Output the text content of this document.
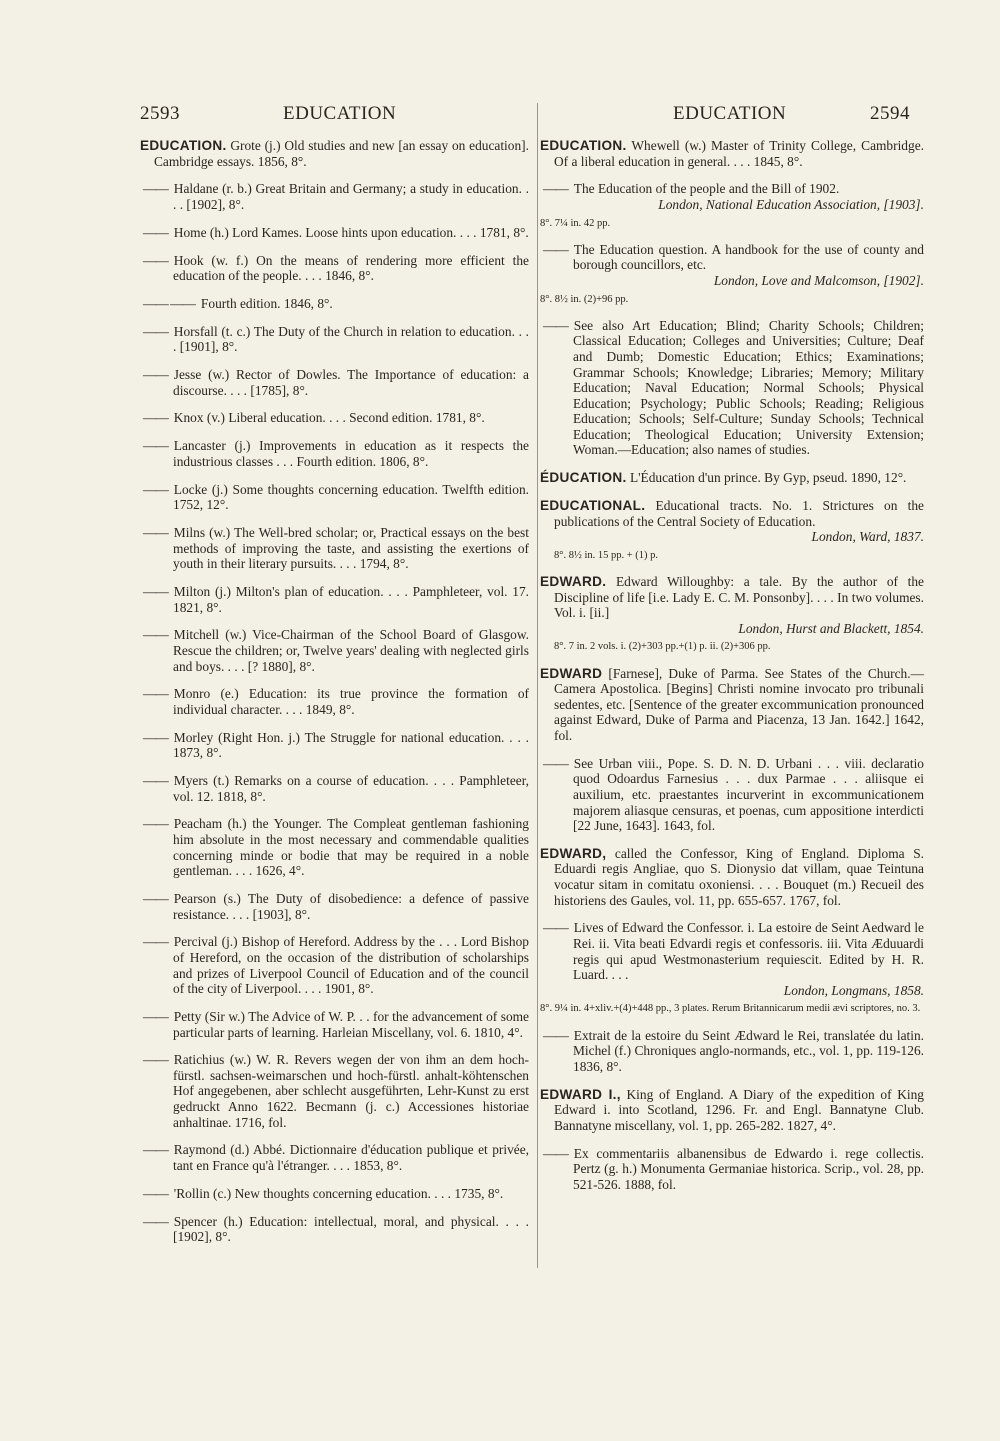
2593	EDUCATION	EDUCATION	2594
EDUCATION. Grote (j.) Old studies and new [an essay on education]. Cambridge essays. 1856, 8°.
—— Haldane (r. b.) Great Britain and Germany; a study in education. . . . [1902], 8°.
—— Home (h.) Lord Kames. Loose hints upon education. . . . 1781, 8°.
—— Hook (w. f.) On the means of rendering more efficient the education of the people. . . . 1846, 8°.
—— —— Fourth edition. 1846, 8°.
—— Horsfall (t. c.) The Duty of the Church in relation to education. . . . [1901], 8°.
—— Jesse (w.) Rector of Dowles. The Importance of education: a discourse. . . . [1785], 8°.
—— Knox (v.) Liberal education. . . . Second edition. 1781, 8°.
—— Lancaster (j.) Improvements in education as it respects the industrious classes . . . Fourth edition. 1806, 8°.
—— Locke (j.) Some thoughts concerning education. Twelfth edition. 1752, 12°.
—— Milns (w.) The Well-bred scholar; or, Practical essays on the best methods of improving the taste, and assisting the exertions of youth in their literary pursuits. . . . 1794, 8°.
—— Milton (j.) Milton's plan of education. . . . Pamphleteer, vol. 17. 1821, 8°.
—— Mitchell (w.) Vice-Chairman of the School Board of Glasgow. Rescue the children; or, Twelve years' dealing with neglected girls and boys. . . . [? 1880], 8°.
—— Monro (e.) Education: its true province the formation of individual character. . . . 1849, 8°.
—— Morley (Right Hon. j.) The Struggle for national education. . . . 1873, 8°.
—— Myers (t.) Remarks on a course of education. . . . Pamphleteer, vol. 12. 1818, 8°.
—— Peacham (h.) the Younger. The Compleat gentleman fashioning him absolute in the most necessary and commendable qualities concerning minde or bodie that may be required in a noble gentleman. . . . 1626, 4°.
—— Pearson (s.) The Duty of disobedience: a defence of passive resistance. . . . [1903], 8°.
—— Percival (j.) Bishop of Hereford. Address by the . . . Lord Bishop of Hereford, on the occasion of the distribution of scholarships and prizes of Liverpool Council of Education and of the council of the city of Liverpool. . . . 1901, 8°.
—— Petty (Sir w.) The Advice of W. P. . . for the advancement of some particular parts of learning. Harleian Miscellany, vol. 6. 1810, 4°.
—— Ratichius (w.) W. R. Revers wegen der von ihm an dem hoch-fürstl. sachsen-weimarschen und hoch-fürstl. anhalt-köhtenschen Hof angegebenen, aber schlecht ausgeführten, Lehr-Kunst zu erst gedruckt Anno 1622. Becmann (j. c.) Accessiones historiae anhaltinae. 1716, fol.
—— Raymond (d.) Abbé. Dictionnaire d'éducation publique et privée, tant en France qu'à l'étranger. . . . 1853, 8°.
—— 'Rollin (c.) New thoughts concerning education. . . . 1735, 8°.
—— Spencer (h.) Education: intellectual, moral, and physical. . . . [1902], 8°.
EDUCATION. Whewell (w.) Master of Trinity College, Cambridge. Of a liberal education in general. . . . 1845, 8°.
—— The Education of the people and the Bill of 1902.
London, National Education Association, [1903].
8°. 7¼ in. 42 pp.
—— The Education question. A handbook for the use of county and borough councillors, etc.
London, Love and Malcomson, [1902].
8°. 8½ in. (2)+96 pp.
—— See also Art Education; Blind; Charity Schools; Children; Classical Education; Colleges and Universities; Culture; Deaf and Dumb; Domestic Education; Ethics; Examinations; Grammar Schools; Knowledge; Libraries; Memory; Military Education; Naval Education; Normal Schools; Physical Education; Psychology; Public Schools; Reading; Religious Education; Schools; Self-Culture; Sunday Schools; Technical Education; Theological Education; University Extension; Woman.—Education; also names of studies.
ÉDUCATION. L'Éducation d'un prince. By Gyp, pseud. 1890, 12°.
EDUCATIONAL. Educational tracts. No. 1. Strictures on the publications of the Central Society of Education.
London, Ward, 1837.
8°. 8½ in. 15 pp. + (1) p.
EDWARD. Edward Willoughby: a tale. By the author of the Discipline of life [i.e. Lady E. C. M. Ponsonby]. . . . In two volumes. Vol. i. [ii.]
London, Hurst and Blackett, 1854.
8°. 7 in. 2 vols. i. (2)+303 pp.+(1) p. ii. (2)+306 pp.
EDWARD [Farnese], Duke of Parma. See States of the Church.—Camera Apostolica. [Begins] Christi nomine invocato pro tribunali sedentes, etc. [Sentence of the greater excommunication pronounced against Edward, Duke of Parma and Piacenza, 13 Jan. 1642.] 1642, fol.
—— See Urban viii., Pope. S. D. N. D. Urbani . . . viii. declaratio quod Odoardus Farnesius . . . dux Parmae . . . aliisque ei auxilium, etc. praestantes incurverint in excommunicationem majorem aliasque censuras, et poenas, cum appositione interdicti [22 June, 1643]. 1643, fol.
EDWARD, called the Confessor, King of England. Diploma S. Eduardi regis Angliae, quo S. Dionysio dat villam, quae Teintuna vocatur sitam in comitatu oxoniensi. . . . Bouquet (m.) Recueil des historiens des Gaules, vol. 11, pp. 655-657. 1767, fol.
—— Lives of Edward the Confessor. i. La estoire de Seint Aedward le Rei. ii. Vita beati Edvardi regis et confessoris. iii. Vita Æduuardi regis qui apud Westmonasterium requiescit. Edited by H. R. Luard. . . .
London, Longmans, 1858.
8°. 9¼ in. 4+xliv.+(4)+448 pp., 3 plates. Rerum Britannicarum medii ævi scriptores, no. 3.
—— Extrait de la estoire du Seint Ædward le Rei, translatée du latin. Michel (f.) Chroniques anglo-normands, etc., vol. 1, pp. 119-126. 1836, 8°.
EDWARD I., King of England. A Diary of the expedition of King Edward i. into Scotland, 1296. Fr. and Engl. Bannatyne Club. Bannatyne miscellany, vol. 1, pp. 265-282. 1827, 4°.
—— Ex commentariis albanensibus de Edwardo i. rege collectis. Pertz (g. h.) Monumenta Germaniae historica. Scrip., vol. 28, pp. 521-526. 1888, fol.
